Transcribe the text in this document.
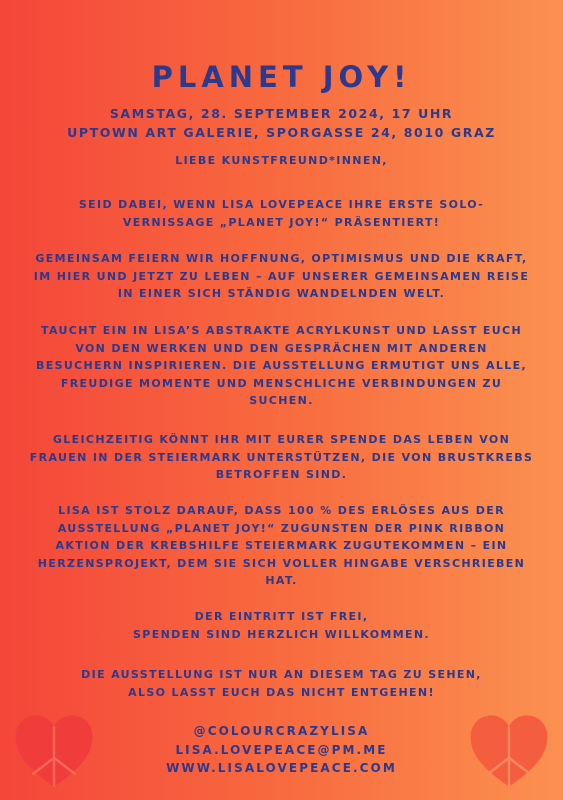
PLANET JOY!
SAMSTAG, 28. SEPTEMBER 2024, 17 UHR
UPTOWN ART GALERIE, SPORGASSE 24, 8010 GRAZ
LIEBE KUNSTFREUND*INNEN,
SEID DABEI, WENN LISA LOVEPEACE IHRE ERSTE SOLO-
VERNISSAGE „PLANET JOY!“ PRÄSENTIERT!
GEMEINSAM FEIERN WIR HOFFNUNG, OPTIMISMUS UND DIE KRAFT,
IM HIER UND JETZT ZU LEBEN – AUF UNSERER GEMEINSAMEN REISE
IN EINER SICH STÄNDIG WANDELNDEN WELT.
TAUCHT EIN IN LISA’S ABSTRAKTE ACRYLKUNST UND LASST EUCH
VON DEN WERKEN UND DEN GESPRÄCHEN MIT ANDEREN
BESUCHERN INSPIRIEREN. DIE AUSSTELLUNG ERMUTIGT UNS ALLE,
FREUDIGE MOMENTE UND MENSCHLICHE VERBINDUNGEN ZU
SUCHEN.
GLEICHZEITIG KÖNNT IHR MIT EURER SPENDE DAS LEBEN VON
FRAUEN IN DER STEIERMARK UNTERSTÜTZEN, DIE VON BRUSTKREBS
BETROFFEN SIND.
LISA IST STOLZ DARAUF, DASS 100 % DES ERLÖSES AUS DER
AUSSTELLUNG „PLANET JOY!“ ZUGUNSTEN DER PINK RIBBON
AKTION DER KREBSHILFE STEIERMARK ZUGUTEKOMMEN – EIN
HERZENSPROJEKT, DEM SIE SICH VOLLER HINGABE VERSCHRIEBEN
HAT.
DER EINTRITT IST FREI,
SPENDEN SIND HERZLICH WILLKOMMEN.
DIE AUSSTELLUNG IST NUR AN DIESEM TAG ZU SEHEN,
ALSO LASST EUCH DAS NICHT ENTGEHEN!
@COLOURCRAZYLISA
LISA.LOVEPEACE@PM.ME
WWW.LISALOVEPEACE.COM
